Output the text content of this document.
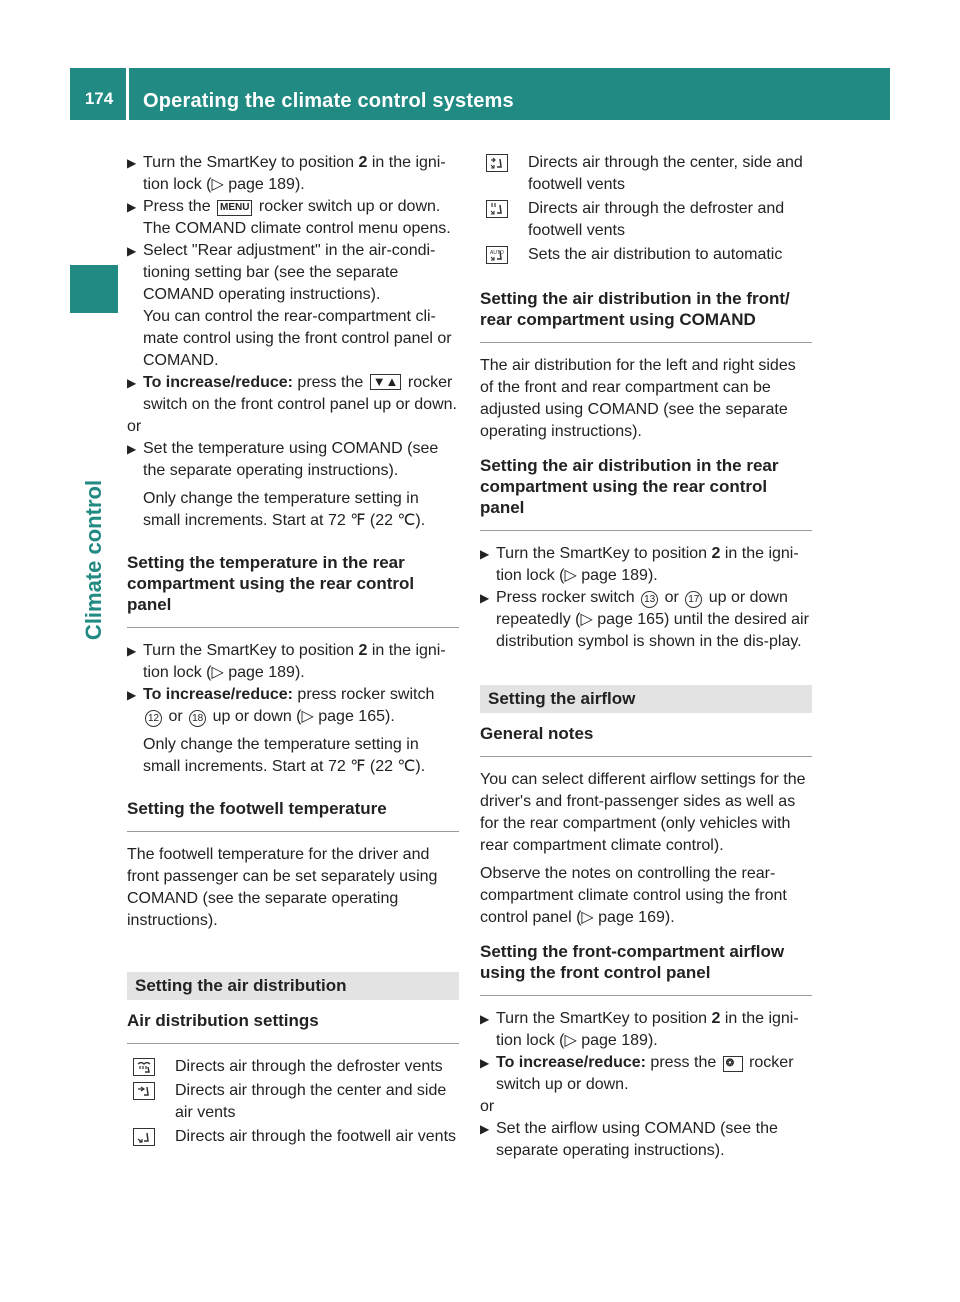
174	Operating the climate control systems
Climate control
▶ Turn the SmartKey to position 2 in the igni-tion lock (▷ page 189).

▶ Press the MENU rocker switch up or down. The COMAND climate control menu opens.

▶ Select "Rear adjustment" in the air-condi-tioning setting bar (see the separate COMAND operating instructions).

You can control the rear-compartment cli-mate control using the front control panel or COMAND.

▶ To increase/reduce: press the ▼▲ rocker switch on the front control panel up or down.

or

▶ Set the temperature using COMAND (see the separate operating instructions).

Only change the temperature setting in small increments. Start at 72 ℉ (22 ℃).

Setting the temperature in the rear compartment using the rear control panel

▶ Turn the SmartKey to position 2 in the igni-tion lock (▷ page 189).

▶ To increase/reduce: press rocker switch 12 or 18 up or down (▷ page 165).

Only change the temperature setting in small increments. Start at 72 ℉ (22 ℃).

Setting the footwell temperature

The footwell temperature for the driver and front passenger can be set separately using COMAND (see the separate operating instructions).

Setting the air distribution

Air distribution settings

Directs air through the defroster vents
Directs air through the center and side air vents
Directs air through the footwell air vents
Directs air through the center, side and footwell vents
Directs air through the defroster and footwell vents
AUTO Sets the air distribution to automatic

Setting the air distribution in the front/ rear compartment using COMAND

The air distribution for the left and right sides of the front and rear compartment can be adjusted using COMAND (see the separate operating instructions).

Setting the air distribution in the rear compartment using the rear control panel

▶ Turn the SmartKey to position 2 in the igni-tion lock (▷ page 189).

▶ Press rocker switch 13 or 17 up or down repeatedly (▷ page 165) until the desired air distribution symbol is shown in the dis-play.

Setting the airflow

General notes

You can select different airflow settings for the driver's and front-passenger sides as well as for the rear compartment (only vehicles with rear compartment climate control).

Observe the notes on controlling the rear-compartment climate control using the front control panel (▷ page 169).

Setting the front-compartment airflow using the front control panel

▶ Turn the SmartKey to position 2 in the igni-tion lock (▷ page 189).

▶ To increase/reduce: press the ❂   rocker switch up or down.

or

▶ Set the airflow using COMAND (see the separate operating instructions).
